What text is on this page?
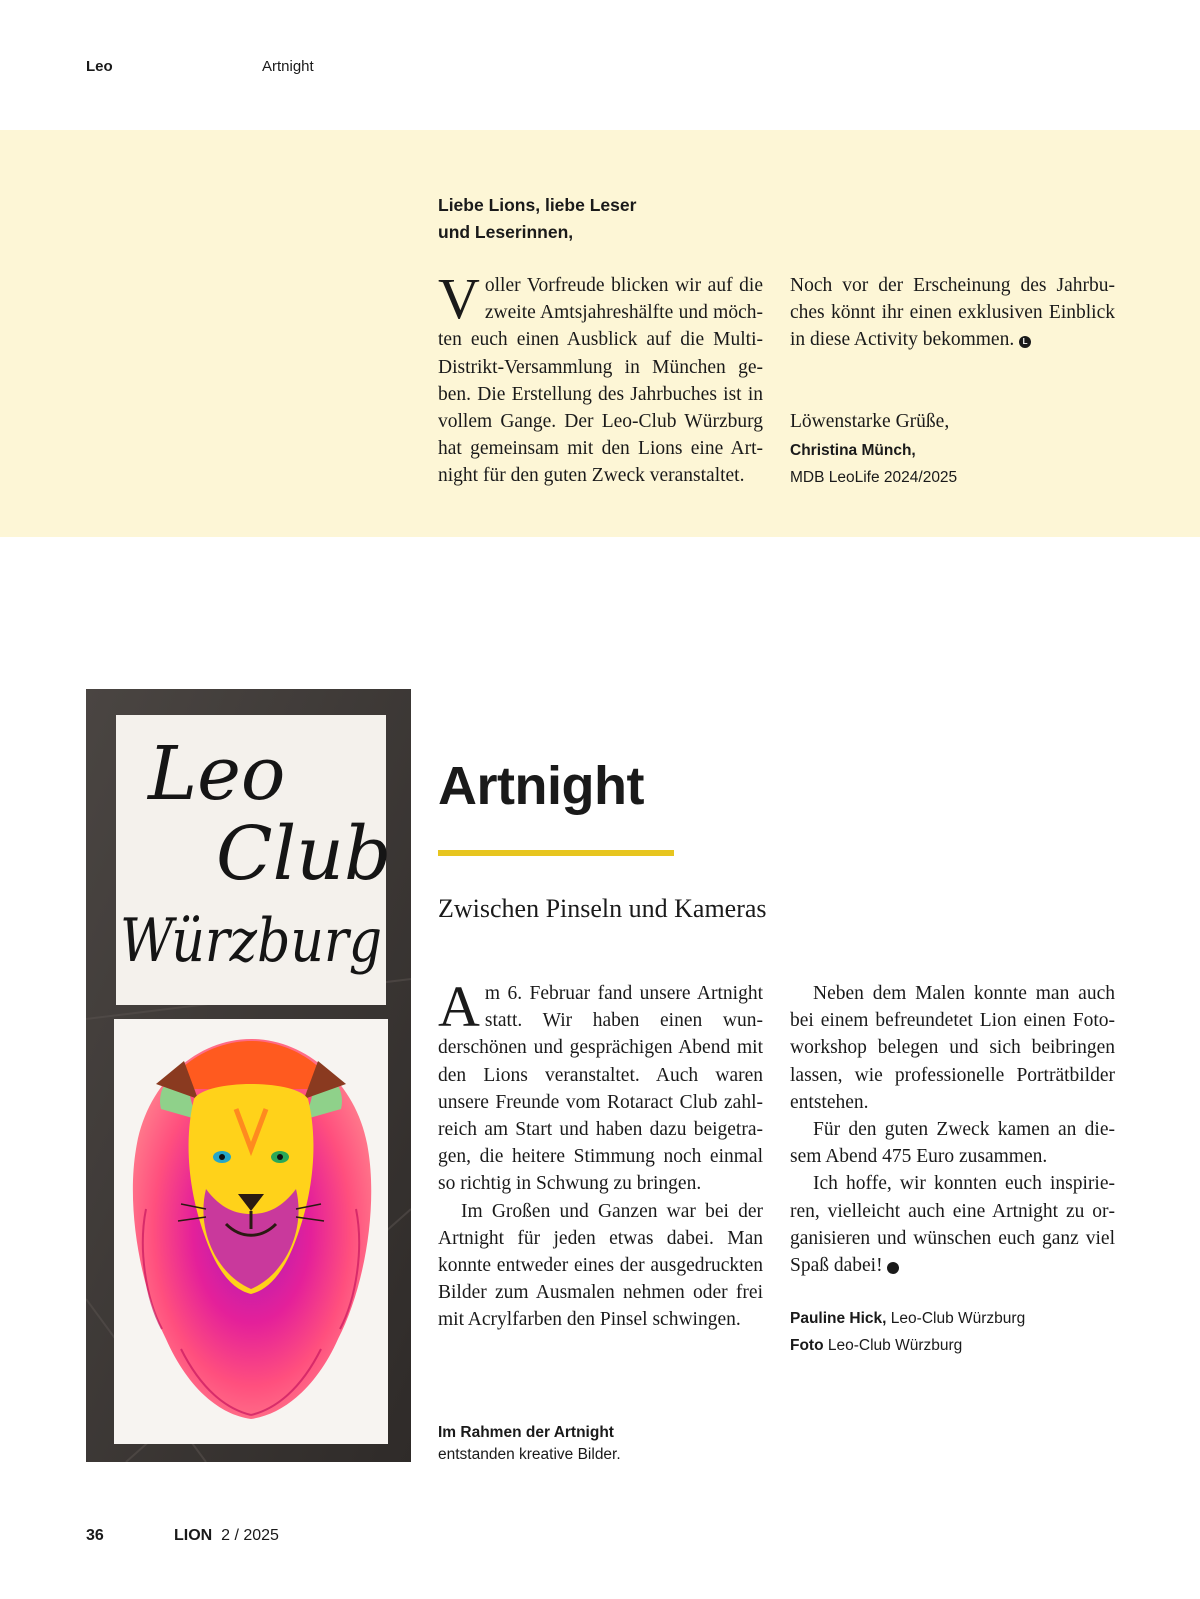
Leo	Artnight
Liebe Lions, liebe Leser
und Leserinnen,
Voller Vorfreude blicken wir auf die zweite Amtsjahreshälfte und möchten euch einen Ausblick auf die Multi-Distrikt-Versammlung in München geben. Die Erstellung des Jahrbuches ist in vollem Gange. Der Leo-Club Würzburg hat gemeinsam mit den Lions eine Artnight für den guten Zweck veranstaltet.
Noch vor der Erscheinung des Jahrbuches könnt ihr einen exklusiven Einblick in diese Activity bekommen. L
Löwenstarke Grüße,
Christina Münch,
MDB LeoLife 2024/2025
Leo
Club
Würzburg
Artnight
Zwischen Pinseln und Kameras

Am 6. Februar fand unsere Artnight statt. Wir haben einen wunderschönen und gesprächigen Abend mit den Lions veranstaltet. Auch waren unsere Freunde vom Rotaract Club zahlreich am Start und haben dazu beigetragen, die heitere Stimmung noch einmal so richtig in Schwung zu bringen.

Im Großen und Ganzen war bei der Artnight für jeden etwas dabei. Man konnte entweder eines der ausgedruckten Bilder zum Ausmalen nehmen oder frei mit Acrylfarben den Pinsel schwingen.

Neben dem Malen konnte man auch bei einem befreundetet Lion einen Fotoworkshop belegen und sich beibringen lassen, wie professionelle Porträtbilder entstehen.

Für den guten Zweck kamen an diesem Abend 475 Euro zusammen.

Ich hoffe, wir konnten euch inspirieren, vielleicht auch eine Artnight zu organisieren und wünschen euch ganz viel Spaß dabei!	L

Pauline Hick, Leo-Club Würzburg
Foto Leo-Club Würzburg
Im Rahmen der Artnight
entstanden kreative Bilder.
36	LION 2 / 2025
